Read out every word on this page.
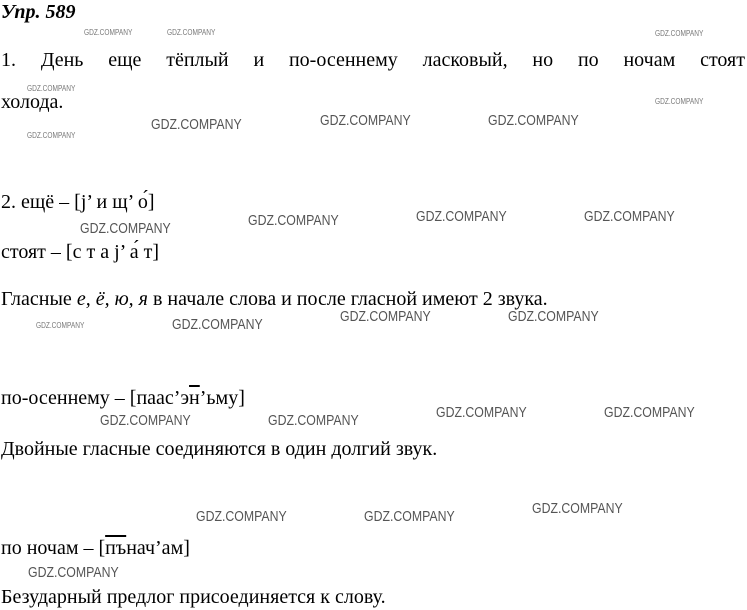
Упр. 589
1. День еще тёплый и по-осеннему ласковый, но по ночам стоят
холода.
2. ещё – [j’ и щ’ о́]
стоят – [с т а j’ а́ т]
Гласные е, ё, ю, я в начале слова и после гласной имеют 2 звука.
по-осеннему – [паас’эн’ьму]
Двойные гласные соединяются в один долгий звук.
по ночам – [пънач’ам]
Безударный предлог присоединяется к слову.
GDZ.COMPANY	GDZ.COMPANY	GDZ.COMPANY
GDZ.COMPANY
GDZ.COMPANY
GDZ.COMPANY
GDZ.COMPANY	GDZ.COMPANY	GDZ.COMPANY
GDZ.COMPANY	GDZ.COMPANY	GDZ.COMPANY	GDZ.COMPANY
GDZ.COMPANY	GDZ.COMPANY	GDZ.COMPANY	GDZ.COMPANY
GDZ.COMPANY	GDZ.COMPANY	GDZ.COMPANY	GDZ.COMPANY
GDZ.COMPANY	GDZ.COMPANY	GDZ.COMPANY
GDZ.COMPANY
